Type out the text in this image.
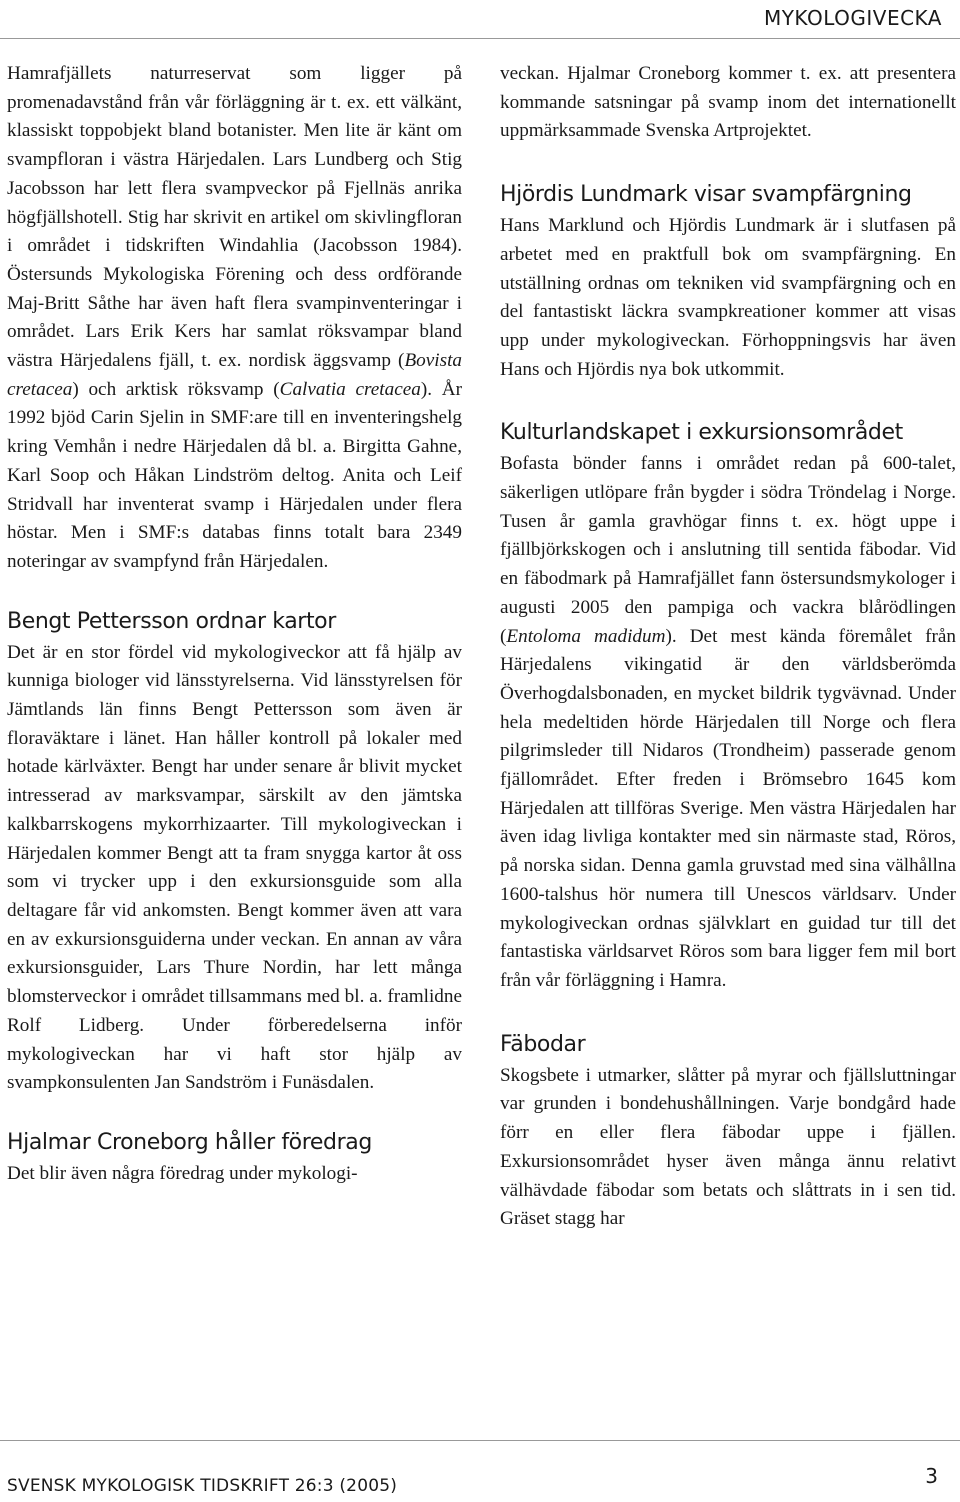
MYKOLOGIVECKA

Hamrafjällets naturreservat som ligger på promenadavstånd från vår förläggning är t. ex. ett välkänt, klassiskt toppobjekt bland botanister. Men lite är känt om svampfloran i västra Härjedalen. Lars Lundberg och Stig Jacobsson har lett flera svampveckor på Fjellnäs anrika högfjällshotell. Stig har skrivit en artikel om skivlingfloran i området i tidskriften Windahlia (Jacobsson 1984). Östersunds Mykologiska Förening och dess ordförande Maj-Britt Såthe har även haft flera svampinventeringar i området. Lars Erik Kers har samlat röksvampar bland västra Härjedalens fjäll, t. ex. nordisk äggsvamp (Bovista cretacea) och arktisk röksvamp (Calvatia cretacea). År 1992 bjöd Carin Sjelin in SMF:are till en inventeringshelg kring Vemhån i nedre Härjedalen då bl. a. Birgitta Gahne, Karl Soop och Håkan Lindström deltog. Anita och Leif Stridvall har inventerat svamp i Härjedalen under flera höstar. Men i SMF:s databas finns totalt bara 2349 noteringar av svampfynd från Härjedalen.

Bengt Pettersson ordnar kartor

Det är en stor fördel vid mykologiveckor att få hjälp av kunniga biologer vid länsstyrelserna. Vid länsstyrelsen för Jämtlands län finns Bengt Pettersson som även är floraväktare i länet. Han håller kontroll på lokaler med hotade kärlväxter. Bengt har under senare år blivit mycket intresserad av marksvampar, särskilt av den jämtska kalkbarrskogens mykorrhizaarter. Till mykologiveckan i Härjedalen kommer Bengt att ta fram snygga kartor åt oss som vi trycker upp i den exkursionsguide som alla deltagare får vid ankomsten. Bengt kommer även att vara en av exkursionsguiderna under veckan. En annan av våra exkursionsguider, Lars Thure Nordin, har lett många blomsterveckor i området tillsammans med bl. a. framlidne Rolf Lidberg. Under förberedelserna inför mykologiveckan har vi haft stor hjälp av svampkonsulenten Jan Sandström i Funäsdalen.

Hjalmar Croneborg håller föredrag

Det blir även några föredrag under mykologi-

veckan. Hjalmar Croneborg kommer t. ex. att presentera kommande satsningar på svamp inom det internationellt uppmärksammade Svenska Artprojektet.

Hjördis Lundmark visar svampfärgning

Hans Marklund och Hjördis Lundmark är i slutfasen på arbetet med en praktfull bok om svampfärgning. En utställning ordnas om tekniken vid svampfärgning och en del fantastiskt läckra svampkreationer kommer att visas upp under mykologiveckan. Förhoppningsvis har även Hans och Hjördis nya bok utkommit.

Kulturlandskapet i exkursionsområdet

Bofasta bönder fanns i området redan på 600-talet, säkerligen utlöpare från bygder i södra Tröndelag i Norge. Tusen år gamla gravhögar finns t. ex. högt uppe i fjällbjörkskogen och i anslutning till sentida fäbodar. Vid en fäbodmark på Hamrafjället fann östersundsmykologer i augusti 2005 den pampiga och vackra blårödlingen (Entoloma madidum). Det mest kända föremålet från Härjedalens vikingatid är den världsberömda Överhogdalsbonaden, en mycket bildrik tygvävnad. Under hela medeltiden hörde Härjedalen till Norge och flera pilgrimsleder till Nidaros (Trondheim) passerade genom fjällområdet. Efter freden i Brömsebro 1645 kom Härjedalen att tillföras Sverige. Men västra Härjedalen har även idag livliga kontakter med sin närmaste stad, Röros, på norska sidan. Denna gamla gruvstad med sina välhållna 1600-talshus hör numera till Unescos världsarv. Under mykologiveckan ordnas självklart en guidad tur till det fantastiska världsarvet Röros som bara ligger fem mil bort från vår förläggning i Hamra.

Fäbodar

Skogsbete i utmarker, slåtter på myrar och fjällsluttningar var grunden i bondehushållningen. Varje bondgård hade förr en eller flera fäbodar uppe i fjällen. Exkursionsområdet hyser även många ännu relativt välhävdade fäbodar som betats och slåttrats in i sen tid. Gräset stagg har

SVENSK MYKOLOGISK TIDSKRIFT 26:3 (2005)	3
